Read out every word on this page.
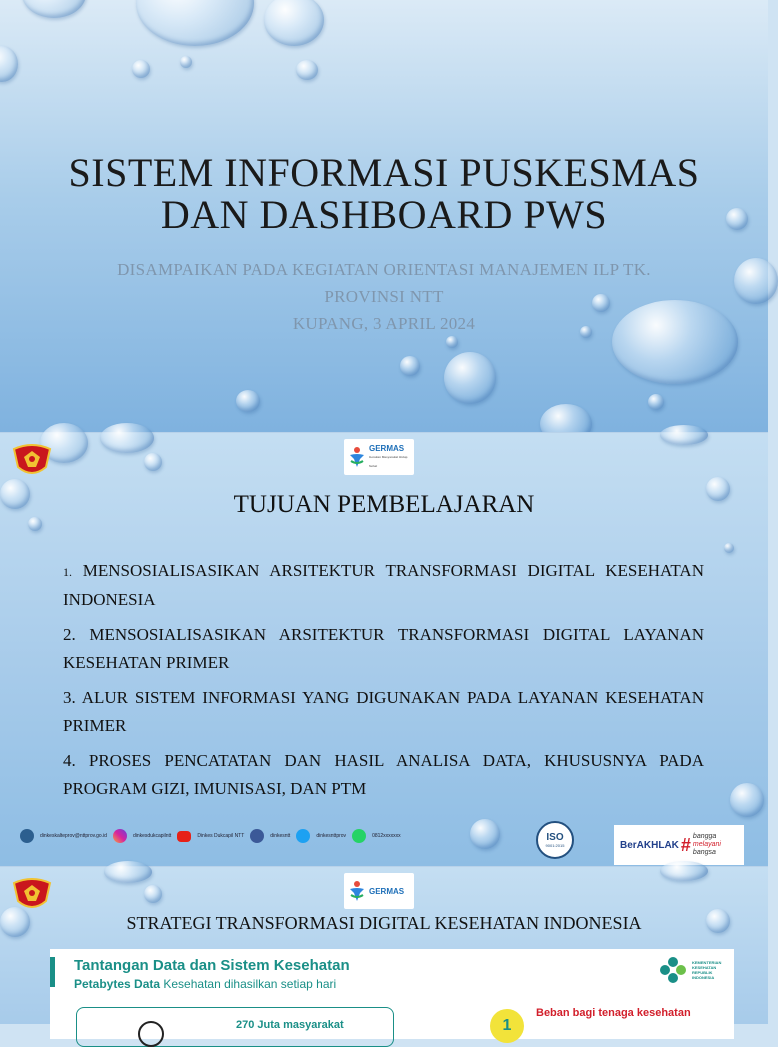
SISTEM INFORMASI PUSKESMAS
DAN DASHBOARD PWS
DISAMPAIKAN PADA KEGIATAN ORIENTASI MANAJEMEN ILP TK.
PROVINSI NTT
KUPANG, 3 APRIL 2024
GERMAS
Gerakan Masyarakat Hidup Sehat
TUJUAN PEMBELAJARAN
1. MENSOSIALISASIKAN ARSITEKTUR TRANSFORMASI DIGITAL KESEHATAN INDONESIA
2. MENSOSIALISASIKAN ARSITEKTUR TRANSFORMASI DIGITAL LAYANAN KESEHATAN PRIMER
3. ALUR SISTEM INFORMASI YANG DIGUNAKAN PADA LAYANAN KESEHATAN PRIMER
4. PROSES PENCATATAN DAN HASIL ANALISA DATA, KHUSUSNYA PADA PROGRAM GIZI, IMUNISASI, DAN PTM
dinkeskalteprov@nttprov.go.id	dinkesdukcapilntt	Dinkes Dukcapil NTT	dinkesntt	dinkesnttprov	0812xxxxxxx	ISO
9001:2015	BerAKHLAK # bangga
melayani
bangsa
GERMAS
STRATEGI TRANSFORMASI DIGITAL KESEHATAN INDONESIA
Tantangan Data dan Sistem Kesehatan
Petabytes Data Kesehatan dihasilkan setiap hari
KEMENTERIAN KESEHATAN REPUBLIK INDONESIA
270 Juta masyarakat	1
Beban bagi tenaga kesehatan
